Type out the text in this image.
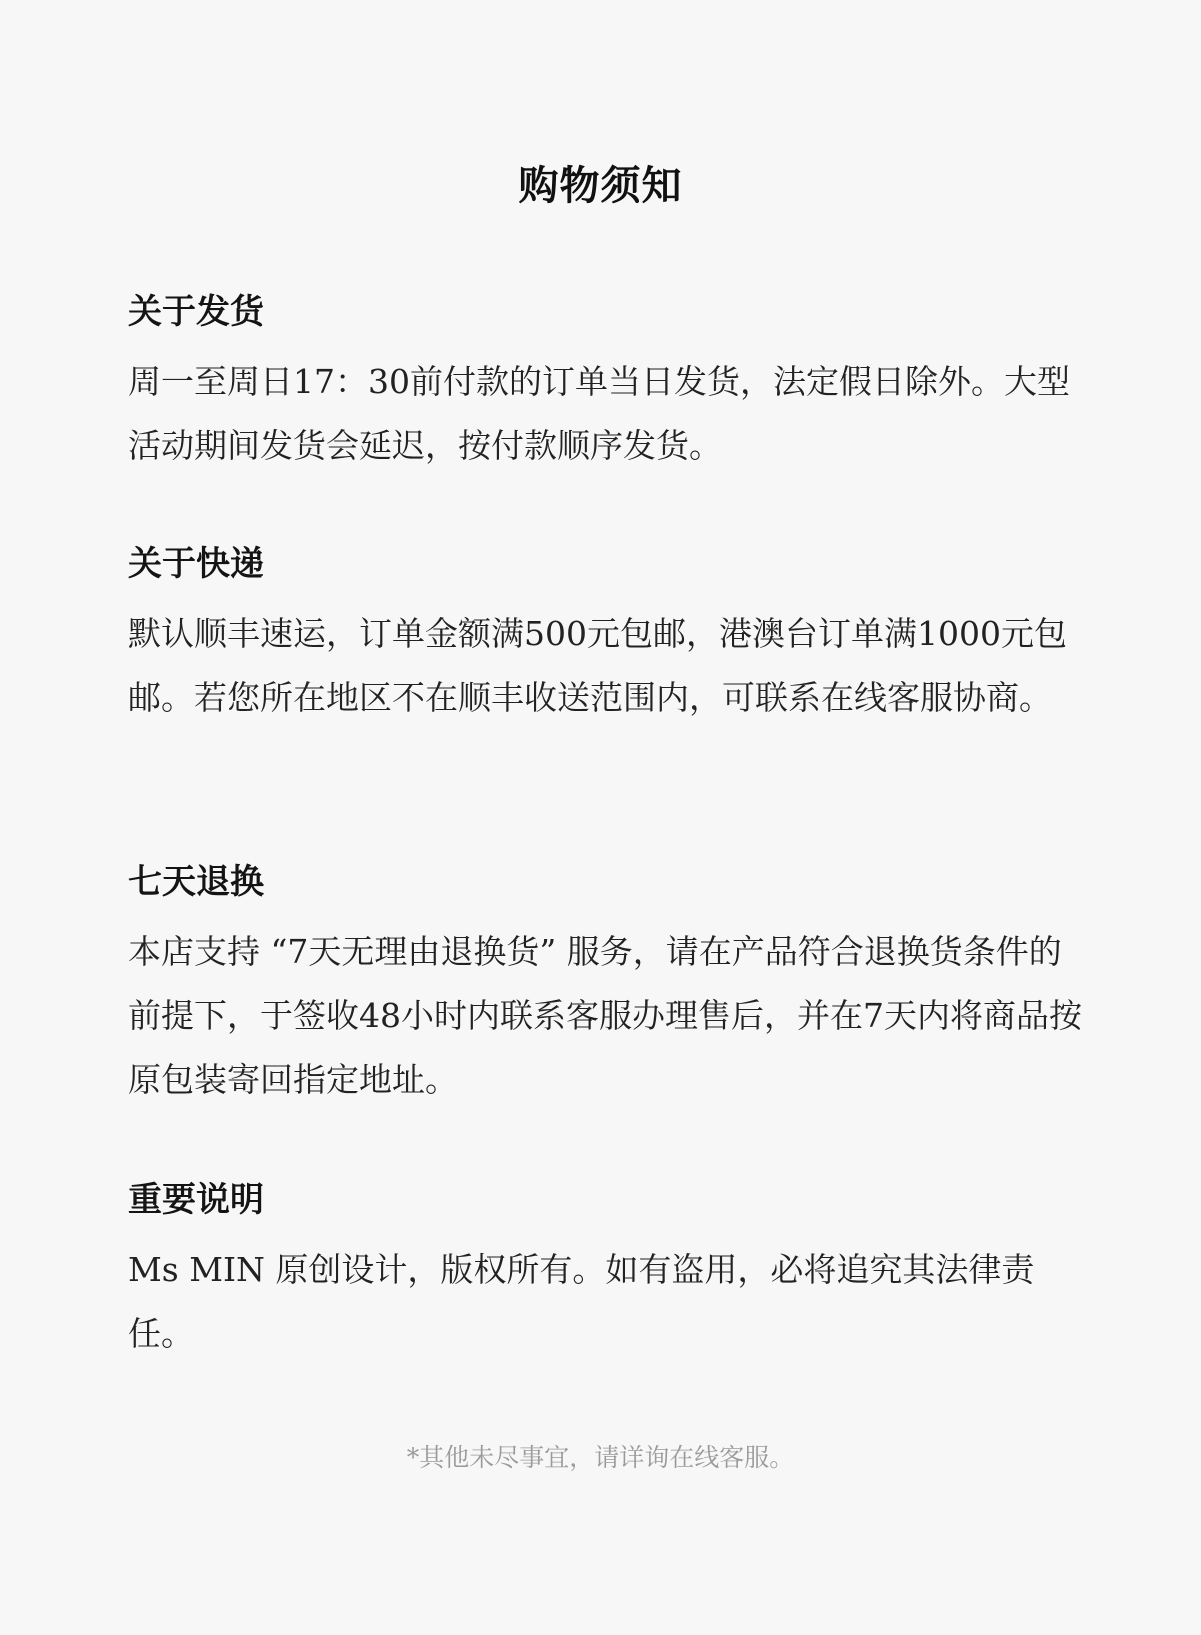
购物须知
关于发货

周一至周日17：30前付款的订单当日发货，法定假日除外。大型活动期间发货会延迟，按付款顺序发货。

关于快递

默认顺丰速运，订单金额满500元包邮，港澳台订单满1000元包邮。若您所在地区不在顺丰收送范围内，可联系在线客服协商。

七天退换

本店支持 “7天无理由退换货” 服务，请在产品符合退换货条件的前提下，于签收48小时内联系客服办理售后，并在7天内将商品按原包装寄回指定地址。

重要说明

Ms MIN 原创设计，版权所有。如有盗用，必将追究其法律责任。

*其他未尽事宜，请详询在线客服。
